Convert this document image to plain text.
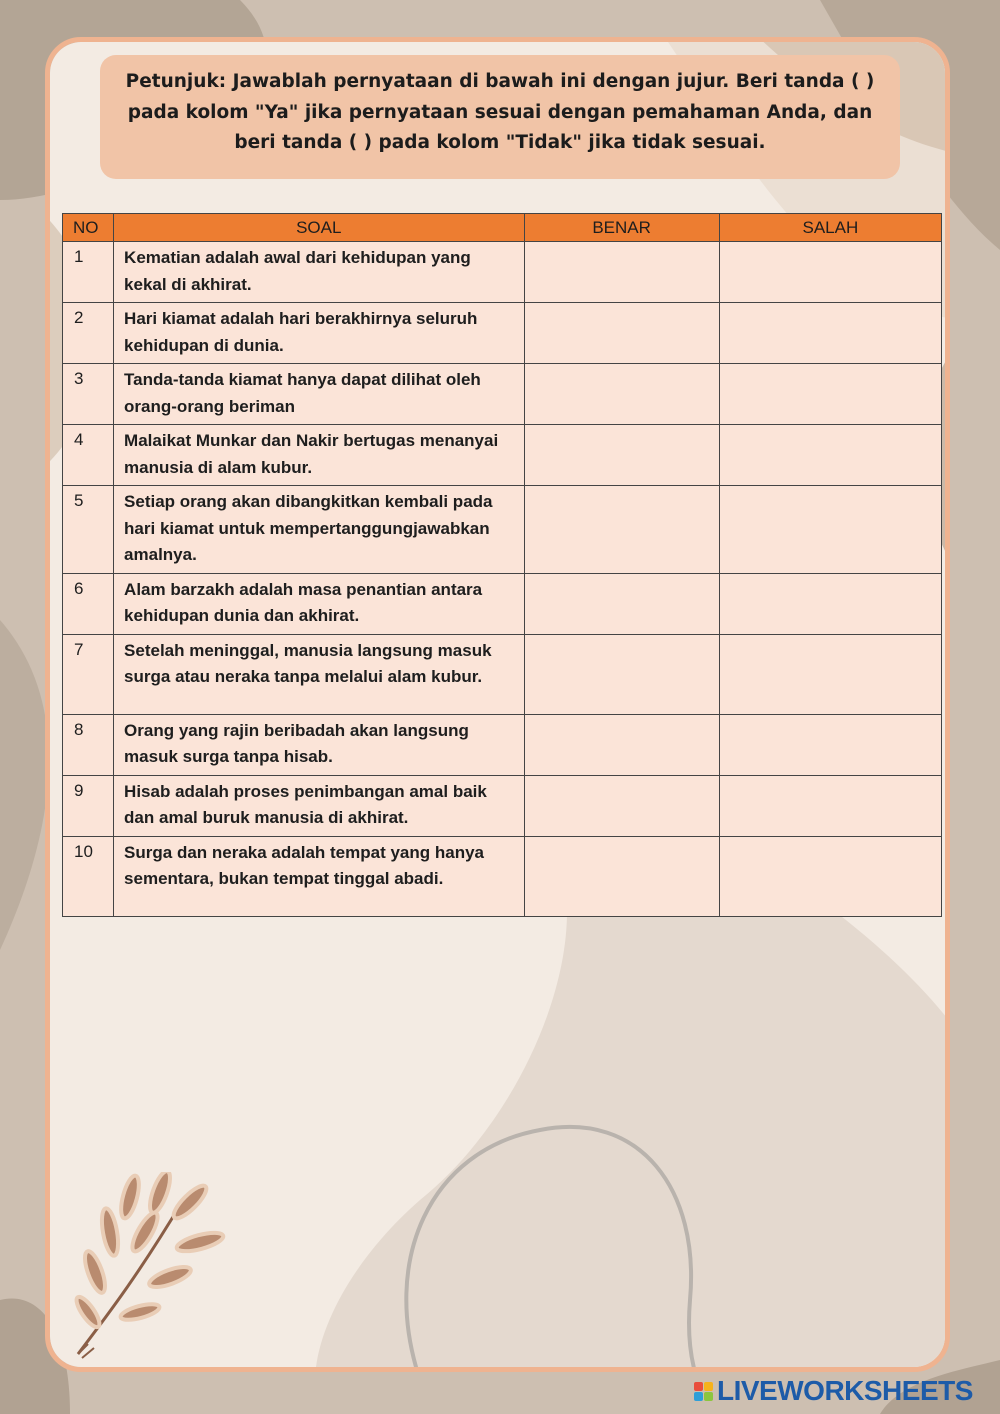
Petunjuk: Jawablah pernyataan di bawah ini dengan jujur. Beri tanda ( ) pada kolom "Ya" jika pernyataan sesuai dengan pemahaman Anda, dan beri tanda ( ) pada kolom "Tidak" jika tidak sesuai.
NO	SOAL	BENAR	SALAH
1	Kematian adalah awal dari kehidupan yang kekal di akhirat.		
2	Hari kiamat adalah hari berakhirnya seluruh kehidupan di dunia.		
3	Tanda-tanda kiamat hanya dapat dilihat oleh orang-orang beriman		
4	Malaikat Munkar dan Nakir bertugas menanyai manusia di alam kubur.		
5	Setiap orang akan dibangkitkan kembali pada hari kiamat untuk mempertanggungjawabkan amalnya.		
6	Alam barzakh adalah masa penantian antara kehidupan dunia dan akhirat.		
7	Setelah meninggal, manusia langsung masuk surga atau neraka tanpa melalui alam kubur.		
8	Orang yang rajin beribadah akan langsung masuk surga tanpa hisab.		
9	Hisab adalah proses penimbangan amal baik dan amal buruk manusia di akhirat.		
10	Surga dan neraka adalah tempat yang hanya sementara, bukan tempat tinggal abadi.		
LIVEWORKSHEETS
